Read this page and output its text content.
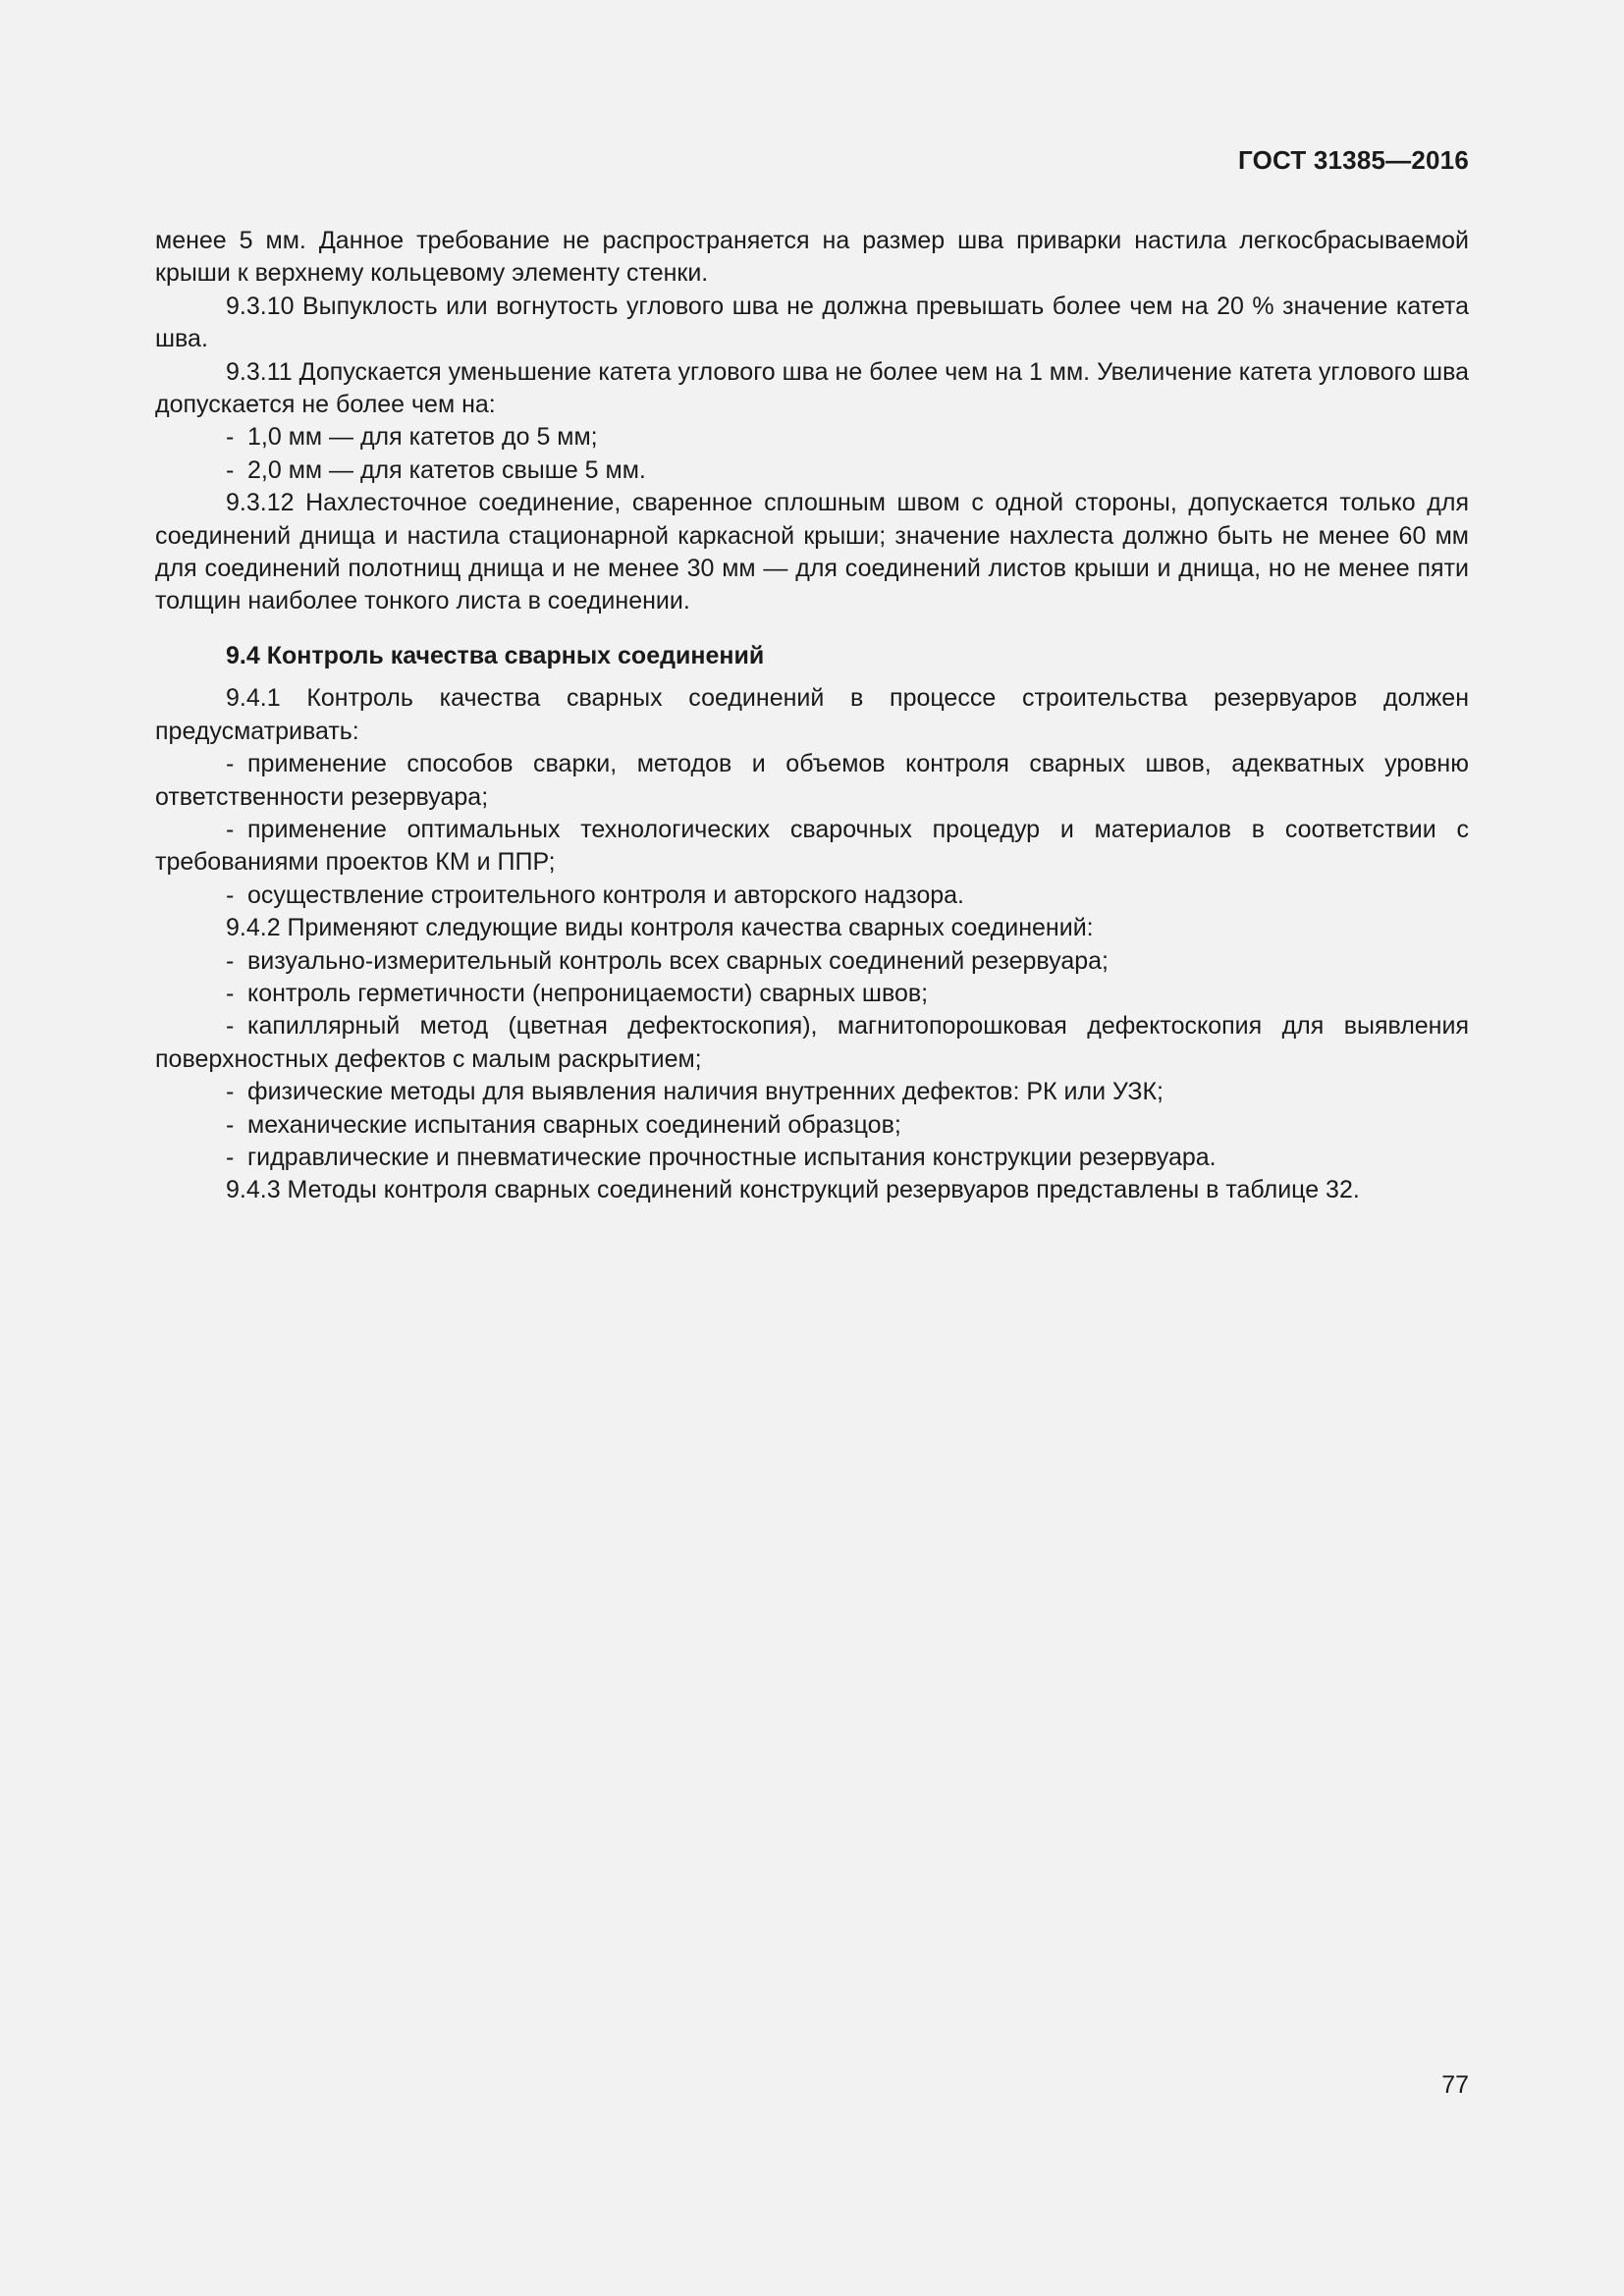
ГОСТ 31385—2016

менее 5 мм. Данное требование не распространяется на размер шва приварки настила легкосбрасываемой крыши к верхнему кольцевому элементу стенки.

9.3.10 Выпуклость или вогнутость углового шва не должна превышать более чем на 20 % значение катета шва.

9.3.11 Допускается уменьшение катета углового шва не более чем на 1 мм. Увеличение катета углового шва допускается не более чем на:

- 1,0 мм — для катетов до 5 мм;

- 2,0 мм — для катетов свыше 5 мм.

9.3.12 Нахлесточное соединение, сваренное сплошным швом с одной стороны, допускается только для соединений днища и настила стационарной каркасной крыши; значение нахлеста должно быть не менее 60 мм для соединений полотнищ днища и не менее 30 мм — для соединений листов крыши и днища, но не менее пяти толщин наиболее тонкого листа в соединении.

9.4 Контроль качества сварных соединений

9.4.1 Контроль качества сварных соединений в процессе строительства резервуаров должен предусматривать:

- применение способов сварки, методов и объемов контроля сварных швов, адекватных уровню ответственности резервуара;

- применение оптимальных технологических сварочных процедур и материалов в соответствии с требованиями проектов КМ и ППР;

- осуществление строительного контроля и авторского надзора.

9.4.2 Применяют следующие виды контроля качества сварных соединений:

- визуально-измерительный контроль всех сварных соединений резервуара;

- контроль герметичности (непроницаемости) сварных швов;

- капиллярный метод (цветная дефектоскопия), магнитопорошковая дефектоскопия для выявления поверхностных дефектов с малым раскрытием;

- физические методы для выявления наличия внутренних дефектов: РК или УЗК;

- механические испытания сварных соединений образцов;

- гидравлические и пневматические прочностные испытания конструкции резервуара.

9.4.3 Методы контроля сварных соединений конструкций резервуаров представлены в таблице 32.

77
